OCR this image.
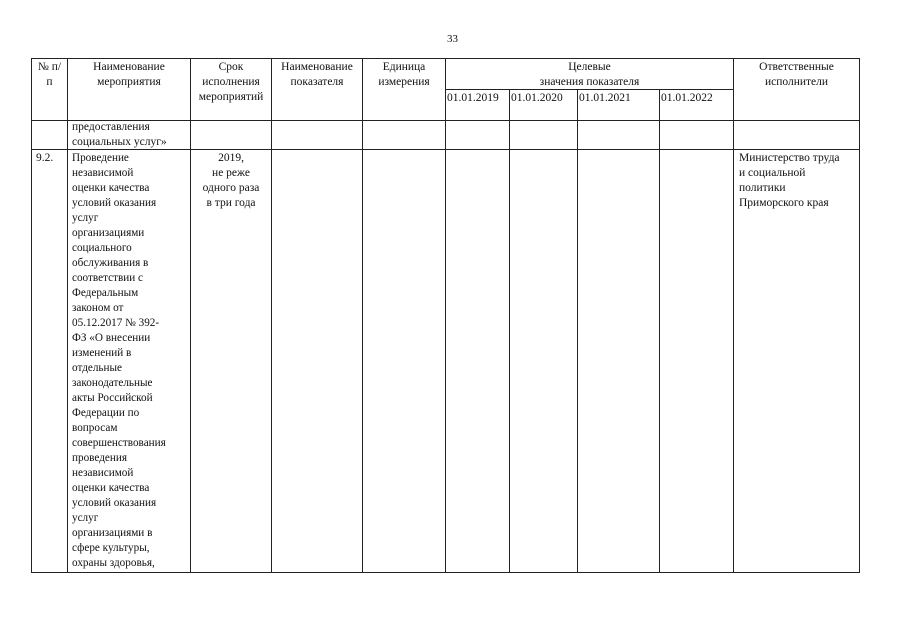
33
№ п/
п
Наименование
мероприятия
Срок
исполнения
мероприятий
Наименование
показателя
Единица
измерения
Целевые
значения показателя
01.01.2019 01.01.2020 01.01.2021	01.01.2022
Ответственные
исполнители
предоставления
социальных услуг»
9.2. Проведение
независимой
оценки качества
условий оказания
услуг
организациями
социального
обслуживания в
соответствии с
Федеральным
законом от
05.12.2017 № 392-
ФЗ «О внесении
изменений в
отдельные
законодательные
акты Российской
Федерации по
вопросам
совершенствования
проведения
независимой
оценки качества
условий оказания
услуг
организациями в
сфере культуры,
охраны здоровья,
2019,
не реже
одного раза
в три года
Министерство труда
и социальной
политики
Приморского края
